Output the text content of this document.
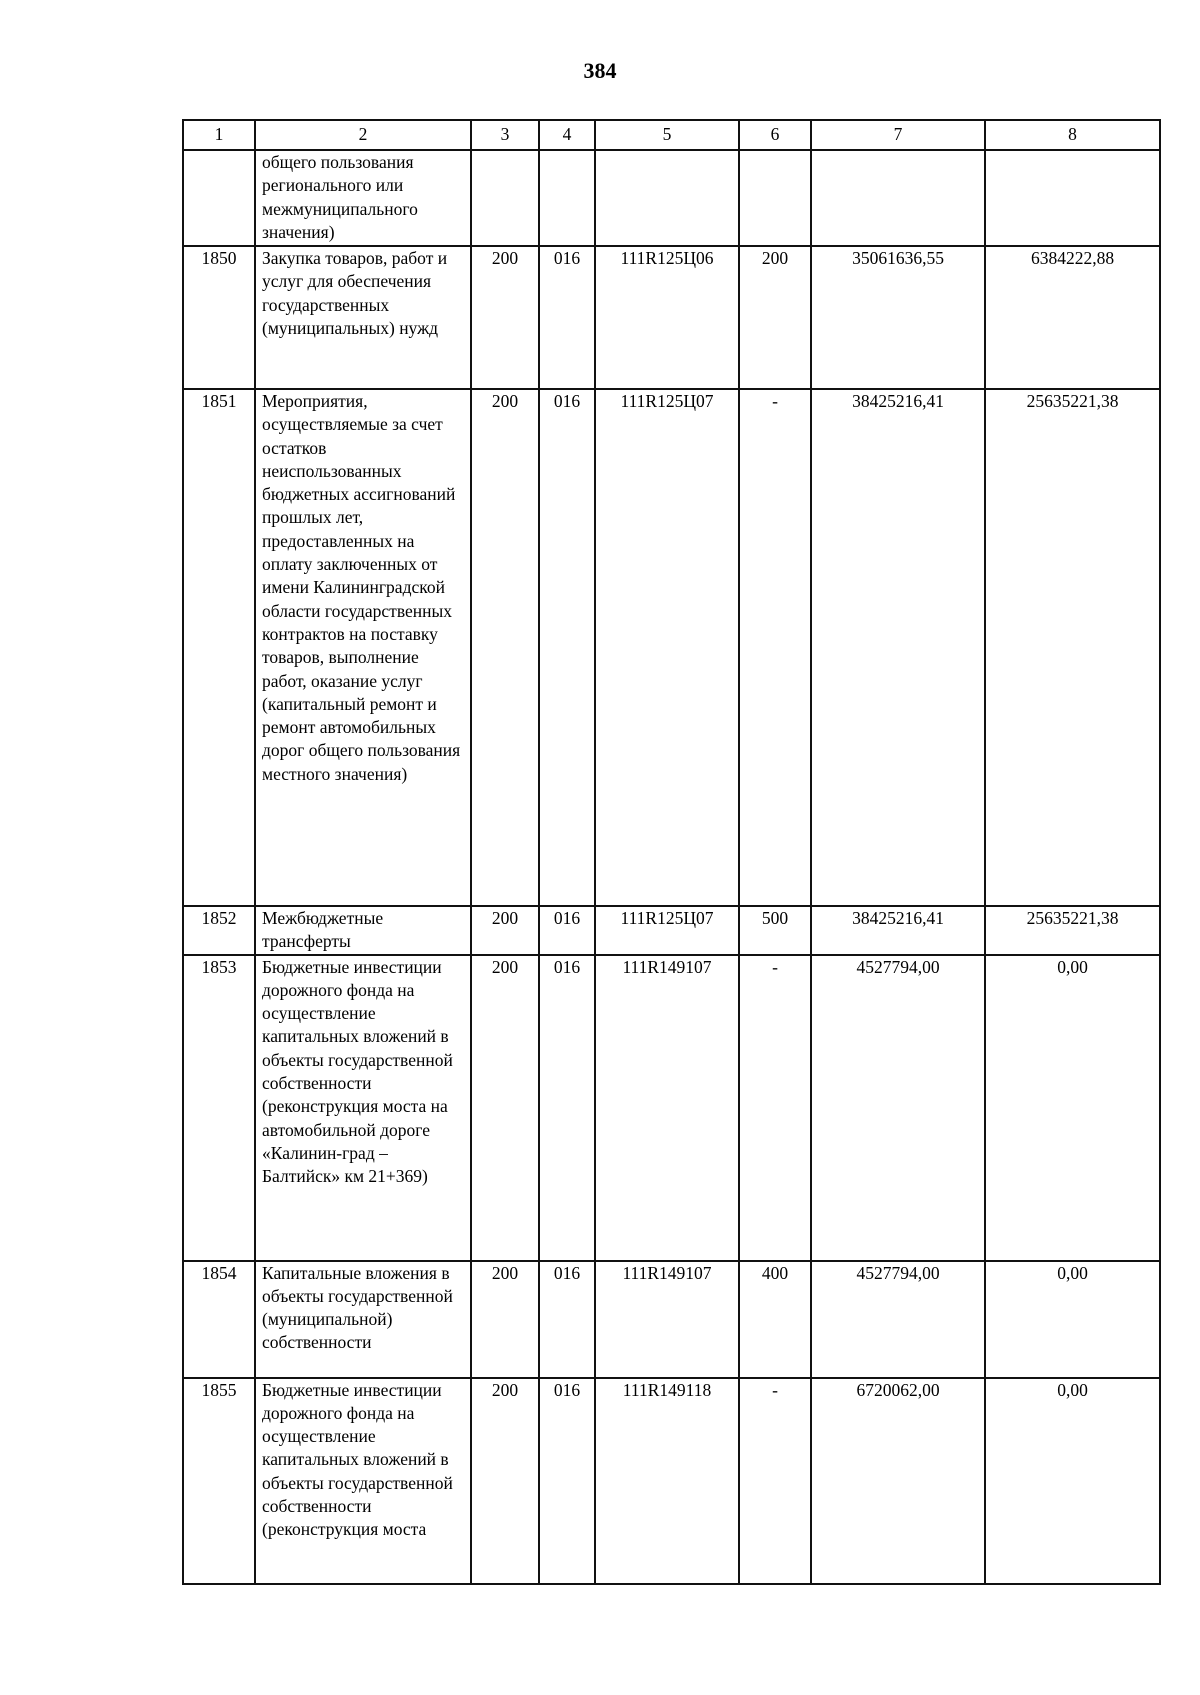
384
1	2	3	4	5	6	7	8
	общего пользования регионального или межмуниципального значения)						
1850	Закупка товаров, работ и услуг для обеспечения государственных (муниципальных) нужд	200	016	111R125Ц06	200	35061636,55	6384222,88
1851	Мероприятия, осуществляемые за счет остатков неиспользованных бюджетных ассигнований прошлых лет, предоставленных на оплату заключенных от имени Калининградской области государственных контрактов на поставку товаров, выполнение работ, оказание услуг (капитальный ремонт и ремонт автомобильных дорог общего пользования местного значения)	200	016	111R125Ц07	-	38425216,41	25635221,38
1852	Межбюджетные трансферты	200	016	111R125Ц07	500	38425216,41	25635221,38
1853	Бюджетные инвестиции дорожного фонда на осуществление капитальных вложений в объекты государственной собственности (реконструкция моста на автомобильной дороге «Калинин-град – Балтийск» км 21+369)	200	016	111R149107	-	4527794,00	0,00
1854	Капитальные вложения в объекты государственной (муниципальной) собственности	200	016	111R149107	400	4527794,00	0,00
1855	Бюджетные инвестиции дорожного фонда на осуществление капитальных вложений в объекты государственной собственности (реконструкция моста	200	016	111R149118	-	6720062,00	0,00
